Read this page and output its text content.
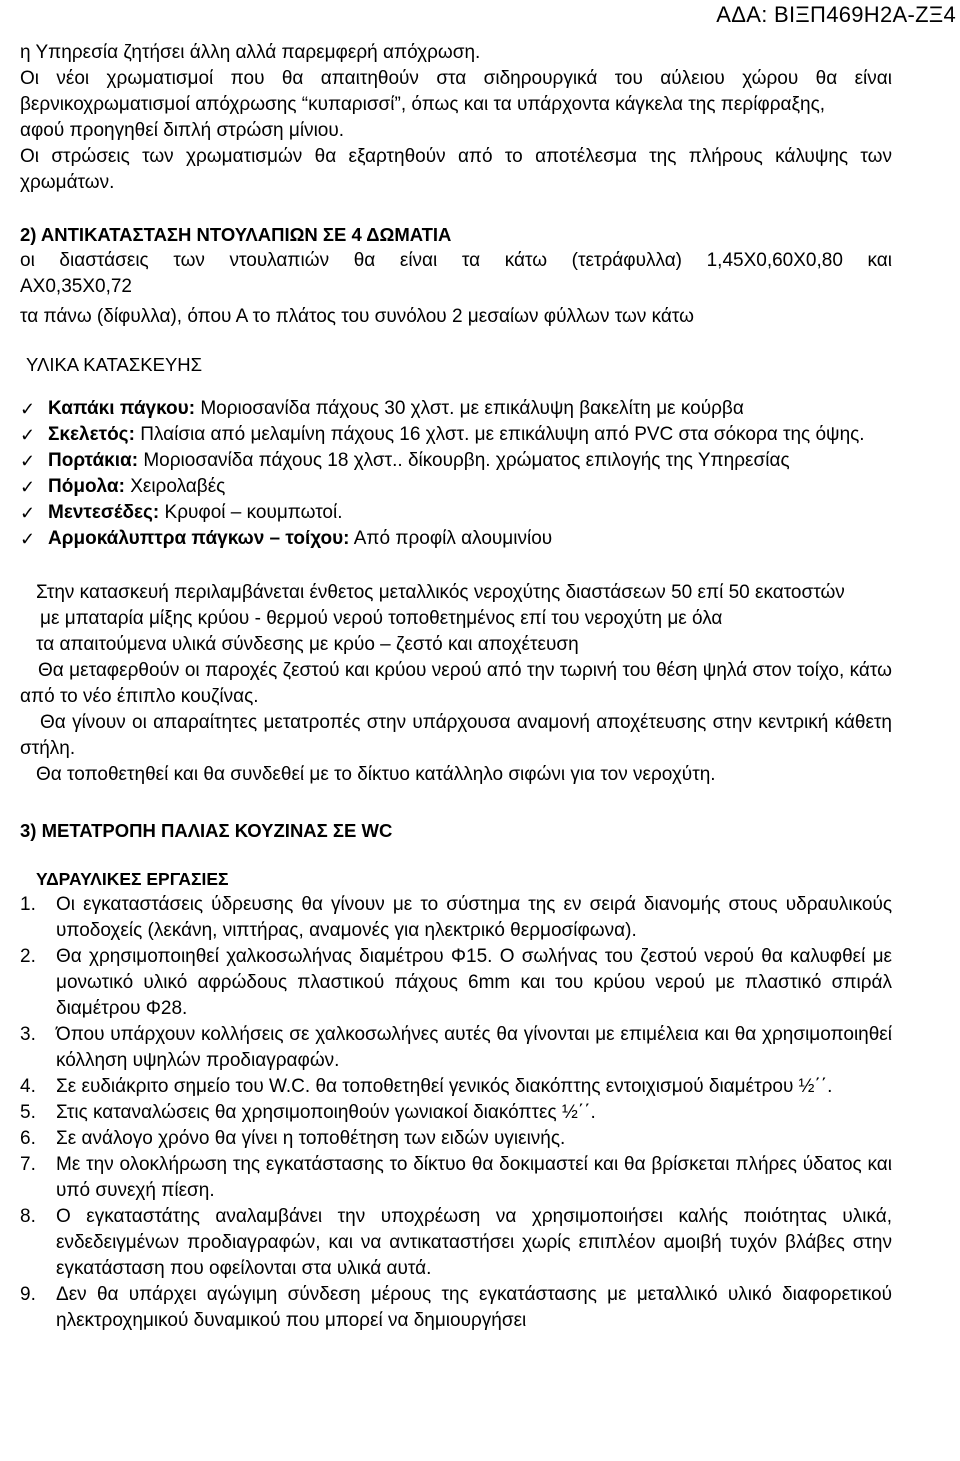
ΑΔΑ: ΒΙΞΠ469Η2Α-ΖΞ4

η Υπηρεσία ζητήσει άλλη αλλά παρεμφερή απόχρωση.

Οι νέοι χρωματισμοί που θα απαιτηθούν στα σιδηρουργικά του αύλειου χώρου θα είναι βερνικοχρωματισμοί απόχρωσης “κυπαρισσί”, όπως και τα υπάρχοντα κάγκελα της περίφραξης,

αφού προηγηθεί διπλή στρώση μίνιου.

Οι στρώσεις των χρωματισμών θα εξαρτηθούν από το αποτέλεσμα της πλήρους κάλυψης των χρωμάτων.

2) ΑΝΤΙΚΑΤΑΣΤΑΣΗ ΝΤΟΥΛΑΠΙΩΝ ΣΕ 4 ΔΩΜΑΤΙΑ

οι διαστάσεις των ντουλαπιών θα είναι τα κάτω (τετράφυλλα) 1,45Χ0,60Χ0,80 και

ΑΧ0,35Χ0,72

τα πάνω (δίφυλλα), όπου Α το πλάτος του συνόλου 2 μεσαίων φύλλων των κάτω

ΥΛΙΚΑ ΚΑΤΑΣΚΕΥΗΣ

✓ Καπάκι πάγκου: Μοριοσανίδα πάχους 30 χλστ. με επικάλυψη βακελίτη με κούρβα
✓ Σκελετός: Πλαίσια από μελαμίνη πάχους 16 χλστ. με επικάλυψη από PVC στα σόκορα της όψης.
✓ Πορτάκια: Μοριοσανίδα πάχους 18 χλστ.. δίκουρβη. χρώματος επιλογής της Υπηρεσίας
✓ Πόμολα: Χειρολαβές
✓ Μεντεσέδες: Κρυφοί – κουμπωτοί.
✓ Αρμοκάλυπτρα πάγκων – τοίχου: Από προφίλ αλουμινίου

Στην κατασκευή περιλαμβάνεται ένθετος μεταλλικός νεροχύτης διαστάσεων 50 επί 50 εκατοστών

με μπαταρία μίξης κρύου - θερμού νερού τοποθετημένος επί του νεροχύτη με όλα

τα απαιτούμενα υλικά σύνδεσης με κρύο – ζεστό και αποχέτευση

Θα μεταφερθούν οι παροχές ζεστού και κρύου νερού από την τωρινή του θέση ψηλά στον τοίχο, κάτω από το νέο έπιπλο κουζίνας.

Θα γίνουν οι απαραίτητες μετατροπές στην υπάρχουσα αναμονή αποχέτευσης στην κεντρική κάθετη στήλη.

Θα τοποθετηθεί και θα συνδεθεί με το δίκτυο κατάλληλο σιφώνι για τον νεροχύτη.

3) ΜΕΤΑΤΡΟΠΗ ΠΑΛΙΑΣ ΚΟΥΖΙΝΑΣ ΣΕ WC

ΥΔΡΑΥΛΙΚΕΣ ΕΡΓΑΣΙΕΣ

1. Οι εγκαταστάσεις ύδρευσης θα γίνουν με το σύστημα της εν σειρά διανομής στους υδραυλικούς υποδοχείς (λεκάνη, νιπτήρας, αναμονές για ηλεκτρικό θερμοσίφωνα).
2. Θα χρησιμοποιηθεί χαλκοσωλήνας διαμέτρου Φ15. Ο σωλήνας του ζεστού νερού θα καλυφθεί με μονωτικό υλικό αφρώδους πλαστικού πάχους 6mm και του κρύου νερού με πλαστικό σπιράλ διαμέτρου Φ28.
3. Όπου υπάρχουν κολλήσεις σε χαλκοσωλήνες αυτές θα γίνονται με επιμέλεια και θα χρησιμοποιηθεί κόλληση υψηλών προδιαγραφών.
4. Σε ευδιάκριτο σημείο του W.C. θα τοποθετηθεί γενικός διακόπτης εντοιχισμού διαμέτρου ½΄΄.
5. Στις καταναλώσεις θα χρησιμοποιηθούν γωνιακοί διακόπτες ½΄΄.
6. Σε ανάλογο χρόνο θα γίνει η τοποθέτηση των ειδών υγιεινής.
7. Με την ολοκλήρωση της εγκατάστασης το δίκτυο θα δοκιμαστεί και θα βρίσκεται πλήρες ύδατος και υπό συνεχή πίεση.
8. Ο εγκαταστάτης αναλαμβάνει την υποχρέωση να χρησιμοποιήσει καλής ποιότητας υλικά, ενδεδειγμένων προδιαγραφών, και να αντικαταστήσει χωρίς επιπλέον αμοιβή τυχόν βλάβες στην εγκατάσταση που οφείλονται στα υλικά αυτά.
9. Δεν θα υπάρχει αγώγιμη σύνδεση μέρους της εγκατάστασης με μεταλλικό υλικό διαφορετικού ηλεκτροχημικού δυναμικού που μπορεί να δημιουργήσει
